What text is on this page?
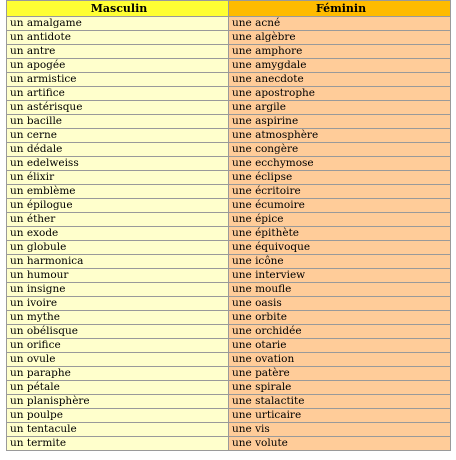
Masculin	Féminin
un amalgame	une acné
un antidote	une algèbre
un antre	une amphore
un apogée	une amygdale
un armistice	une anecdote
un artifice	une apostrophe
un astérisque	une argile
un bacille	une aspirine
un cerne	une atmosphère
un dédale	une congère
un edelweiss	une ecchymose
un élixir	une éclipse
un emblème	une écritoire
un épilogue	une écumoire
un éther	une épice
un exode	une épithète
un globule	une équivoque
un harmonica	une icône
un humour	une interview
un insigne	une moufle
un ivoire	une oasis
un mythe	une orbite
un obélisque	une orchidée
un orifice	une otarie
un ovule	une ovation
un paraphe	une patère
un pétale	une spirale
un planisphère	une stalactite
un poulpe	une urticaire
un tentacule	une vis
un termite	une volute
